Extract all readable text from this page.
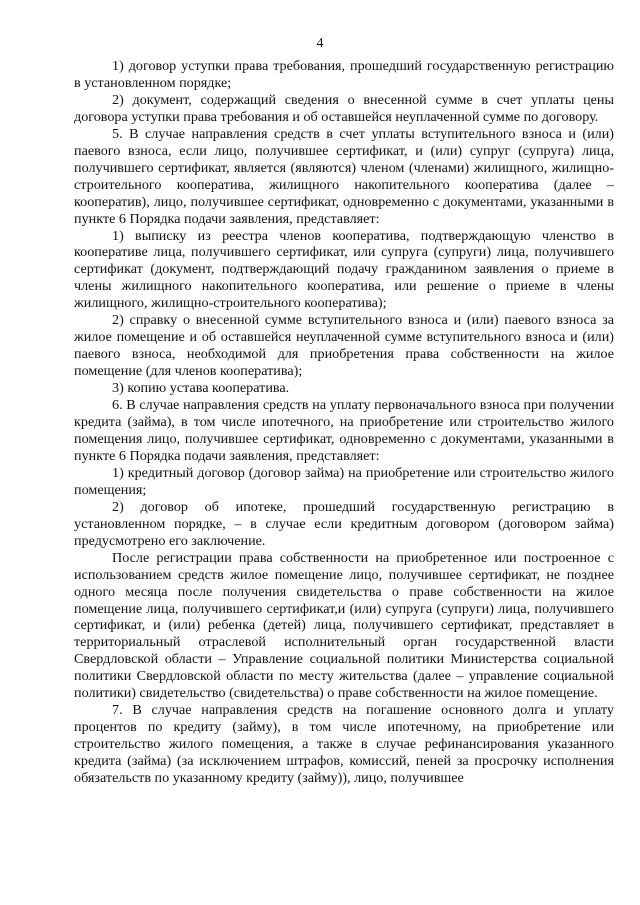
4

1) договор уступки права требования, прошедший государственную регистрацию в установленном порядке;

2) документ, содержащий сведения о внесенной сумме в счет уплаты цены договора уступки права требования и об оставшейся неуплаченной сумме по договору.

5. В случае направления средств в счет уплаты вступительного взноса и (или) паевого взноса, если лицо, получившее сертификат, и (или) супруг (супруга) лица, получившего сертификат, является (являются) членом (членами) жилищного, жилищно-строительного кооператива, жилищного накопительного кооператива (далее – кооператив), лицо, получившее сертификат, одновременно с документами, указанными в пункте 6 Порядка подачи заявления, представляет:

1) выписку из реестра членов кооператива, подтверждающую членство в кооперативе лица, получившего сертификат, или супруга (супруги) лица, получившего сертификат (документ, подтверждающий подачу гражданином заявления о приеме в члены жилищного накопительного кооператива, или решение о приеме в члены жилищного, жилищно-строительного кооператива);

2) справку о внесенной сумме вступительного взноса и (или) паевого взноса за жилое помещение и об оставшейся неуплаченной сумме вступительного взноса и (или) паевого взноса, необходимой для приобретения права собственности на жилое помещение (для членов кооператива);

3) копию устава кооператива.

6. В случае направления средств на уплату первоначального взноса при получении кредита (займа), в том числе ипотечного, на приобретение или строительство жилого помещения лицо, получившее сертификат, одновременно с документами, указанными в пункте 6 Порядка подачи заявления, представляет:

1) кредитный договор (договор займа) на приобретение или строительство жилого помещения;

2) договор об ипотеке, прошедший государственную регистрацию в установленном порядке, – в случае если кредитным договором (договором займа) предусмотрено его заключение.

После регистрации права собственности на приобретенное или построенное с использованием средств жилое помещение лицо, получившее сертификат, не позднее одного месяца после получения свидетельства о праве собственности на жилое помещение лица, получившего сертификат,и (или) супруга (супруги) лица, получившего сертификат, и (или) ребенка (детей) лица, получившего сертификат, представляет в территориальный отраслевой исполнительный орган государственной власти Свердловской области – Управление социальной политики Министерства социальной политики Свердловской области по месту жительства (далее – управление социальной политики) свидетельство (свидетельства) о праве собственности на жилое помещение.

7. В случае направления средств на погашение основного долга и уплату процентов по кредиту (займу), в том числе ипотечному, на приобретение или строительство жилого помещения, а также в случае рефинансирования указанного кредита (займа) (за исключением штрафов, комиссий, пеней за просрочку исполнения обязательств по указанному кредиту (займу)), лицо, получившее
